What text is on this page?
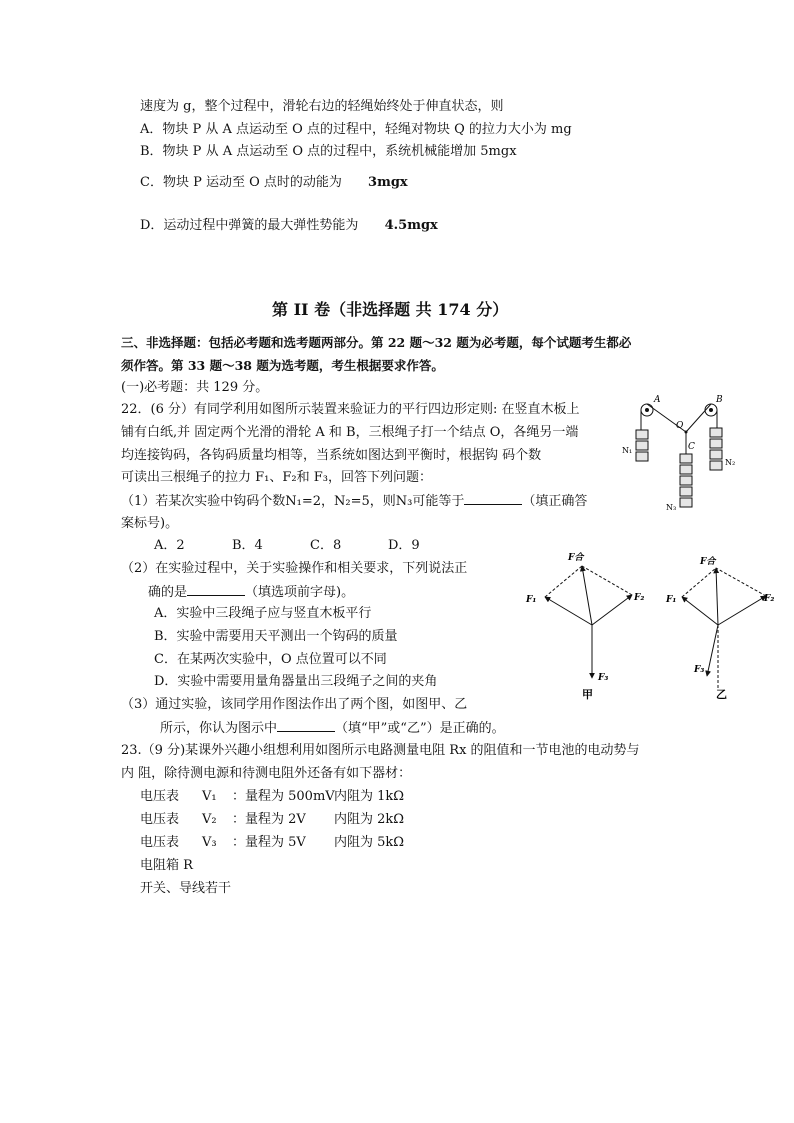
速度为 g，整个过程中，滑轮右边的轻绳始终处于伸直状态，则
A．物块 P 从 A 点运动至 O 点的过程中，轻绳对物块 Q 的拉力大小为 mg
B．物块 P 从 A 点运动至 O 点的过程中，系统机械能增加 5mgx
C．物块 P 运动至 O 点时的动能为 3mgx
D．运动过程中弹簧的最大弹性势能为 4.5mgx
第 II 卷（非选择题 共 174 分）
三、非选择题：包括必考题和选考题两部分。第 22 题～32 题为必考题，每个试题考生都必
须作答。第 33 题～38 题为选考题，考生根据要求作答。
(一)必考题：共 129 分。
22．(6 分）有同学利用如图所示装置来验证力的平行四边形定则: 在竖直木板上
铺有白纸,并 固定两个光滑的滑轮 A 和 B，三根绳子打一个结点 O，各绳另一端
均连接钩码，各钩码质量均相等，当系统如图达到平衡时，根据钩 码个数
可读出三根绳子的拉力 F₁、F₂和 F₃，回答下列问题：
（1）若某次实验中钩码个数N₁=2，N₂=5，则N₃可能等于	（填正确答
案标号)。
A．2	B．4	C．8	D．9
（2）在实验过程中，关于实验操作和相关要求，下列说法正
确的是	（填选项前字母)。
A．实验中三段绳子应与竖直木板平行
B．实验中需要用天平测出一个钩码的质量
C．在某两次实验中，O 点位置可以不同
D．实验中需要用量角器量出三段绳子之间的夹角
（3）通过实验，该同学用作图法作出了两个图，如图甲、乙
所示，你认为图示中	（填“甲”或“乙”）是正确的。
23.（9 分)某课外兴趣小组想利用如图所示电路测量电阻 Rx 的阻值和一节电池的电动势与
内 阻，除待测电源和待测电阻外还备有如下器材：
电压表 V₁ ：量程为 500mV内阻为 1kΩ
电压表 V₂ ：量程为 2V 内阻为 2kΩ
电压表 V₃ ：量程为 5V 内阻为 5kΩ
电阻箱 R
开关、导线若干
A	B
O
C
N₁
N₂
N₃
F合
F₁	F₂
F₃
甲
F合
F₁	F₂
F₃
乙
